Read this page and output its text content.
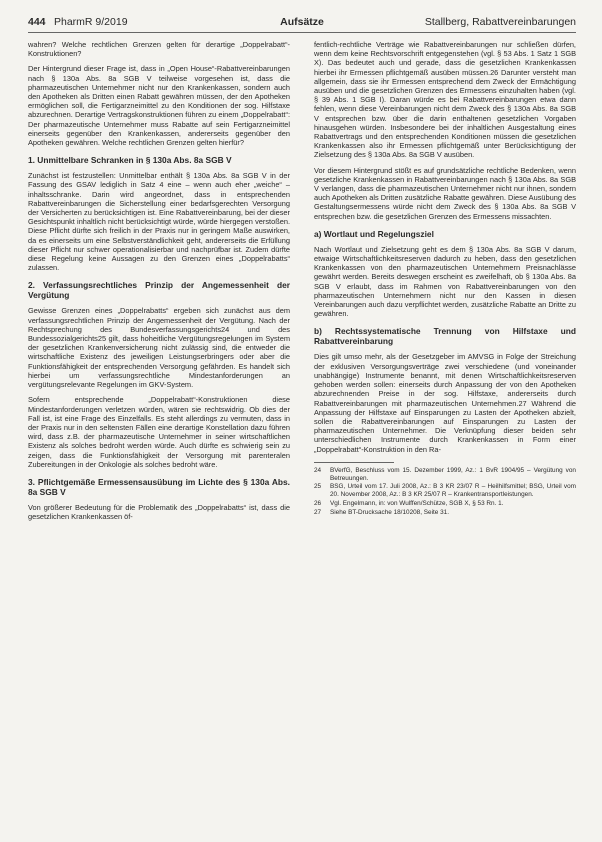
444 PharmR 9/2019	Aufsätze	Stallberg, Rabattvereinbarungen

wahren? Welche rechtlichen Grenzen gelten für derartige „Doppelrabatt“-Konstruktionen?

Der Hintergrund dieser Frage ist, dass in „Open House“-Rabattvereinbarungen nach § 130a Abs. 8a SGB V teilweise vorgesehen ist, dass die pharmazeutischen Unternehmer nicht nur den Krankenkassen, sondern auch den Apotheken als Dritten einen Rabatt gewähren müssen, der den Apotheken ermöglichen soll, die Fertigarzneimittel zu den Konditionen der sog. Hilfstaxe abzurechnen. Derartige Vertragskonstruktionen führen zu einem „Doppelrabatt“: Der pharmazeutische Unternehmer muss Rabatte auf sein Fertigarzneimittel einerseits gegenüber den Krankenkassen, andererseits gegenüber den Apotheken gewähren. Welche rechtlichen Grenzen gelten hierfür?

1. Unmittelbare Schranken in § 130a Abs. 8a SGB V

Zunächst ist festzustellen: Unmittelbar enthält § 130a Abs. 8a SGB V in der Fassung des GSAV lediglich in Satz 4 eine – wenn auch eher „weiche“ – inhaltsschranke. Darin wird angeordnet, dass in entsprechenden Rabattvereinbarungen die Sicherstellung einer bedarfsgerechten Versorgung der Versicherten zu berücksichtigen ist. Eine Rabattvereinbarung, bei der dieser Gesichtspunkt inhaltlich nicht berücksichtigt würde, würde hiergegen verstoßen. Diese Pflicht dürfte sich freilich in der Praxis nur in geringem Maße auswirken, da es einerseits um eine Selbstverständlichkeit geht, andererseits die Erfüllung dieser Pflicht nur schwer operationalisierbar und nachprüfbar ist. Zudem dürfte diese Regelung keine Aussagen zu den Grenzen eines „Doppelrabatts“ zulassen.

2. Verfassungsrechtliches Prinzip der Angemessenheit der Vergütung

Gewisse Grenzen eines „Doppelrabatts“ ergeben sich zunächst aus dem verfassungsrechtlichen Prinzip der Angemessenheit der Vergütung. Nach der Rechtsprechung des Bundesverfassungsgerichts24 und des Bundessozialgerichts25 gilt, dass hoheitliche Vergütungsregelungen im System der gesetzlichen Krankenversicherung nicht zulässig sind, die entweder die wirtschaftliche Existenz des jeweiligen Leistungserbringers oder aber die Funktionsfähigkeit der entsprechenden Versorgung gefährden. Es handelt sich hierbei um verfassungsrechtliche Mindestanforderungen an vergütungsrelevante Regelungen im GKV-System.

Sofern entsprechende „Doppelrabatt“-Konstruktionen diese Mindestanforderungen verletzen würden, wären sie rechtswidrig. Ob dies der Fall ist, ist eine Frage des Einzelfalls. Es steht allerdings zu vermuten, dass in der Praxis nur in den seltensten Fällen eine derartige Konstellation dazu führen wird, dass z.B. der pharmazeutische Unternehmer in seiner wirtschaftlichen Existenz als solches bedroht werden würde. Auch dürfte es schwierig sein zu zeigen, dass die Funktionsfähigkeit der Versorgung mit parenteralen Zubereitungen in der Onkologie als solches bedroht wäre.

3. Pflichtgemäße Ermessensausübung im Lichte des § 130a Abs. 8a SGB V

Von größerer Bedeutung für die Problematik des „Doppelrabatts“ ist, dass die gesetzlichen Krankenkassen öf-

fentlich-rechtliche Verträge wie Rabattvereinbarungen nur schließen dürfen, wenn dem keine Rechtsvorschrift entgegenstehen (vgl. § 53 Abs. 1 Satz 1 SGB X). Das bedeutet auch und gerade, dass die gesetzlichen Krankenkassen hierbei ihr Ermessen pflichtgemäß ausüben müssen.26 Darunter versteht man allgemein, dass sie ihr Ermessen entsprechend dem Zweck der Ermächtigung ausüben und die gesetzlichen Grenzen des Ermessens einzuhalten haben (vgl. § 39 Abs. 1 SGB I). Daran würde es bei Rabattvereinbarungen etwa dann fehlen, wenn diese Vereinbarungen nicht dem Zweck des § 130a Abs. 8a SGB V entsprechen bzw. über die darin enthaltenen gesetzlichen Vorgaben hinausgehen würden. Insbesondere bei der inhaltlichen Ausgestaltung eines Rabattvertrags und den entsprechenden Konditionen müssen die gesetzlichen Krankenkassen also ihr Ermessen pflichtgemäß unter Berücksichtigung der Zielsetzung des § 130a Abs. 8a SGB V ausüben.

Vor diesem Hintergrund stößt es auf grundsätzliche rechtliche Bedenken, wenn gesetzliche Krankenkassen in Rabattvereinbarungen nach § 130a Abs. 8a SGB V verlangen, dass die pharmazeutischen Unternehmer nicht nur ihnen, sondern auch Apotheken als Dritten zusätzliche Rabatte gewähren. Diese Ausübung des Gestaltungsermessens würde nicht dem Zweck des § 130a Abs. 8a SGB V entsprechen bzw. die gesetzlichen Grenzen des Ermessens missachten.

a) Wortlaut und Regelungsziel

Nach Wortlaut und Zielsetzung geht es dem § 130a Abs. 8a SGB V darum, etwaige Wirtschaftlichkeitsreserven dadurch zu heben, dass den gesetzlichen Krankenkassen von den pharmazeutischen Unternehmern Preisnachlässe gewährt werden. Bereits deswegen erscheint es zweifelhaft, ob § 130a Abs. 8a SGB V erlaubt, dass im Rahmen von Rabattvereinbarungen von den pharmazeutischen Unternehmern nicht nur den Kassen in diesen Vereinbarungen auch dazu verpflichtet werden, zusätzliche Rabatte an Dritte zu gewähren.

b) Rechtssystematische Trennung von Hilfstaxe und Rabattvereinbarung

Dies gilt umso mehr, als der Gesetzgeber im AMVSG in Folge der Streichung der exklusiven Versorgungsverträge zwei verschiedene (und voneinander unabhängige) Instrumente benannt, mit denen Wirtschaftlichkeitsreserven gehoben werden sollen: einerseits durch Anpassung der von den Apotheken abzurechnenden Preise in der sog. Hilfstaxe, andererseits durch Rabattvereinbarungen mit pharmazeutischen Unternehmen.27 Während die Anpassung der Hilfstaxe auf Einsparungen zu Lasten der Apotheken abzielt, sollen die Rabattvereinbarungen auf Einsparungen zu Lasten der pharmazeutischen Unternehmer. Die Verknüpfung dieser beiden sehr unterschiedlichen Instrumente durch Krankenkassen in Form einer „Doppelrabatt“-Konstruktion in den Ra-

24	BVerfG, Beschluss vom 15. Dezember 1999, Az.: 1 BvR 1904/95 – Vergütung von Betreuungen.
25	BSG, Urteil vom 17. Juli 2008, Az.: B 3 KR 23/07 R – Heilhilfsmittel; BSG, Urteil vom 20. November 2008, Az.: B 3 KR 25/07 R – Krankentransportleistungen.
26	Vgl. Engelmann, in: von Wulffen/Schütze, SGB X, § 53 Rn. 1.
27	Siehe BT-Drucksache 18/10208, Seite 31.
